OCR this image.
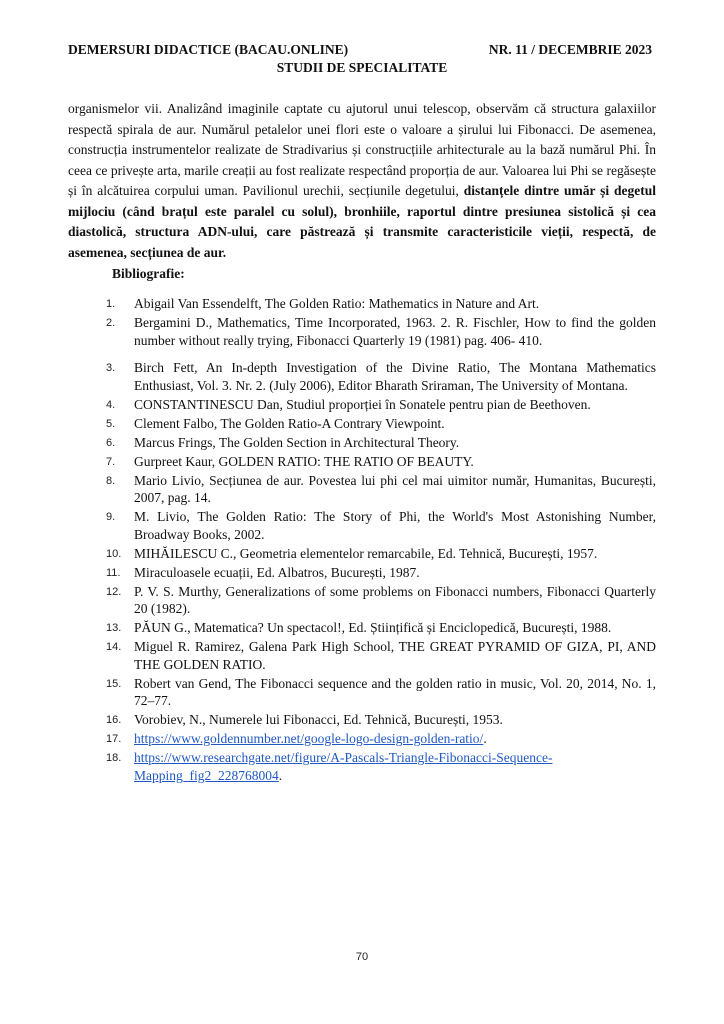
DEMERSURI DIDACTICE (BACAU.ONLINE)	NR. 11 / DECEMBRIE 2023
STUDII DE SPECIALITATE

organismelor vii. Analizând imaginile captate cu ajutorul unui telescop, observăm că structura galaxiilor respectă spirala de aur. Numărul petalelor unei flori este o valoare a șirului lui Fibonacci. De asemenea, construcția instrumentelor realizate de Stradivarius și construcțiile arhitecturale au la bază numărul Phi. În ceea ce privește arta, marile creații au fost realizate respectând proporția de aur. Valoarea lui Phi se regăsește și în alcătuirea corpului uman. Pavilionul urechii, secțiunile degetului, distanțele dintre umăr și degetul mijlociu (când brațul este paralel cu solul), bronhiile, raportul dintre presiunea sistolică și cea diastolică, structura ADN-ului, care păstrează și transmite caracteristicile vieții, respectă, de asemenea, secțiunea de aur.

Bibliografie:
1.	Abigail Van Essendelft, The Golden Ratio: Mathematics in Nature and Art.
2.	Bergamini D., Mathematics, Time Incorporated, 1963. 2. R. Fischler, How to find the golden number without really trying, Fibonacci Quarterly 19 (1981) pag. 406- 410.
3.	Birch Fett, An In-depth Investigation of the Divine Ratio, The Montana Mathematics Enthusiast, Vol. 3. Nr. 2. (July 2006), Editor Bharath Sriraman, The University of Montana.
4.	CONSTANTINESCU Dan, Studiul proporției în Sonatele pentru pian de Beethoven.
5.	Clement Falbo, The Golden Ratio-A Contrary Viewpoint.
6.	Marcus Frings, The Golden Section in Architectural Theory.
7.	Gurpreet Kaur, GOLDEN RATIO: THE RATIO OF BEAUTY.
8.	Mario Livio, Secțiunea de aur. Povestea lui phi cel mai uimitor număr, Humanitas, București, 2007, pag. 14.
9.	M. Livio, The Golden Ratio: The Story of Phi, the World's Most Astonishing Number, Broadway Books, 2002.
10. MIHĂILESCU C., Geometria elementelor remarcabile, Ed. Tehnică, București, 1957.
11.	Miraculoasele ecuații, Ed. Albatros, București, 1987.
12. P. V. S. Murthy, Generalizations of some problems on Fibonacci numbers, Fibonacci Quarterly 20 (1982).
13. PĂUN G., Matematica? Un spectacol!, Ed. Științifică și Enciclopedică, București, 1988.
14. Miguel R. Ramirez, Galena Park High School, THE GREAT PYRAMID OF GIZA, PI, AND THE GOLDEN RATIO.
15. Robert van Gend, The Fibonacci sequence and the golden ratio in music, Vol. 20, 2014, No. 1, 72–77.
16. Vorobiev, N., Numerele lui Fibonacci, Ed. Tehnică, București, 1953.
17. https://www.goldennumber.net/google-logo-design-golden-ratio/.
18. https://www.researchgate.net/figure/A-Pascals-Triangle-Fibonacci-Sequence-Mapping_fig2_228768004.
70
